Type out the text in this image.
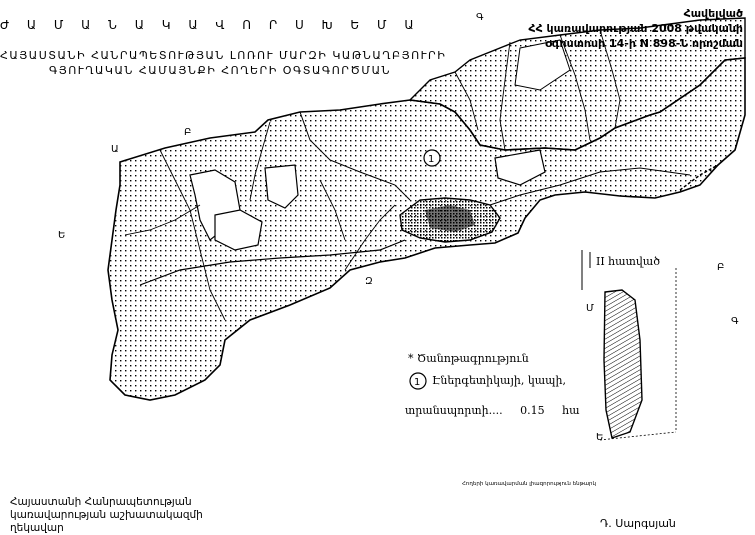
1
1
Ժ Ա Մ Ա Ն Ա Կ Ա Վ Ո Ր Ս Խ Ե Մ Ա
ՀԱՅԱՍՏԱՆԻ ՀԱՆՐԱՊԵՏՈՒԹՅԱՆ ԼՈՌՈՒ ՄԱՐԶԻ ԿԱԹՆԱՂԲՅՈՒՐԻ
ԳՅՈՒՂԱԿԱՆ ՀԱՄԱՅՆՔԻ ՀՈՂԵՐԻ ՕԳՏԱԳՈՐԾՄԱՆ
Հավելված
ՀՀ կառավարության 2008 թվականի
օգոստոսի 14-ի N 898-Ն որոշման
Գ
Ա
Բ
Ե
Զ
* Ծանոթագրություն
Էներգետիկայի, կապի,
տրանսպորտի.... 0.15 հա
II հատված	Բ
Մ
Գ
Ե
Հողերի կառավարման լիազորություն ենթարկ
Հայաստանի Հանրապետության
կառավարության աշխատակազմի
ղեկավար	Դ. Սարգսյան
